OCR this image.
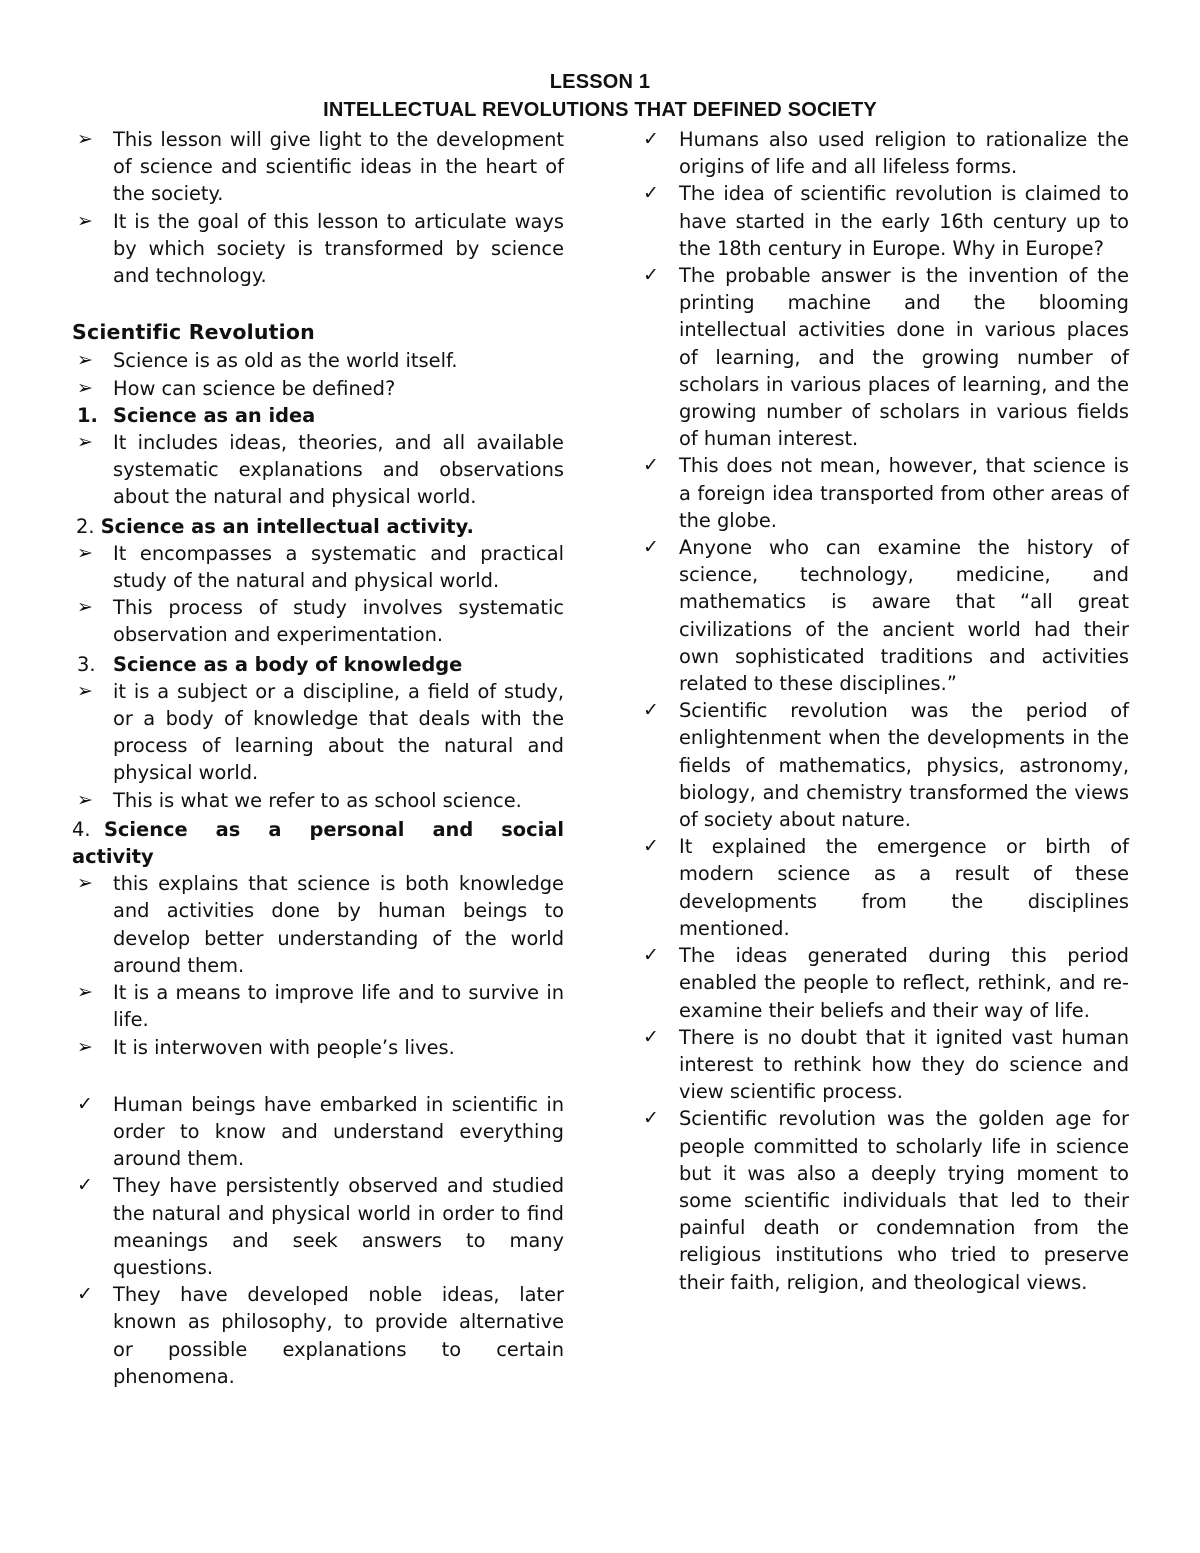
LESSON 1
INTELLECTUAL REVOLUTIONS THAT DEFINED SOCIETY
➢ This lesson will give light to the development of science and scientific ideas in the heart of the society.
➢ It is the goal of this lesson to articulate ways by which society is transformed by science and technology.
Scientific Revolution
➢ Science is as old as the world itself.
➢ How can science be defined?
1. Science as an idea
➢ It includes ideas, theories, and all available systematic explanations and observations about the natural and physical world.
2. Science as an intellectual activity.
➢ It encompasses a systematic and practical study of the natural and physical world.
➢ This process of study involves systematic observation and experimentation.
3. Science as a body of knowledge
➢ it is a subject or a discipline, a field of study, or a body of knowledge that deals with the process of learning about the natural and physical world.
➢ This is what we refer to as school science.
4. Science as a personal and social activity
➢ this explains that science is both knowledge and activities done by human beings to develop better understanding of the world around them.
➢ It is a means to improve life and to survive in life.
➢ It is interwoven with people’s lives.
✓ Human beings have embarked in scientific in order to know and understand everything around them.
✓ They have persistently observed and studied the natural and physical world in order to find meanings and seek answers to many questions.
✓ They have developed noble ideas, later known as philosophy, to provide alternative or possible explanations to certain phenomena.
✓ Humans also used religion to rationalize the origins of life and all lifeless forms.
✓ The idea of scientific revolution is claimed to have started in the early 16th century up to the 18th century in Europe. Why in Europe?
✓ The probable answer is the invention of the printing machine and the blooming intellectual activities done in various places of learning, and the growing number of scholars in various places of learning, and the growing number of scholars in various fields of human interest.
✓ This does not mean, however, that science is a foreign idea transported from other areas of the globe.
✓ Anyone who can examine the history of science, technology, medicine, and mathematics is aware that “all great civilizations of the ancient world had their own sophisticated traditions and activities related to these disciplines.”
✓ Scientific revolution was the period of enlightenment when the developments in the fields of mathematics, physics, astronomy, biology, and chemistry transformed the views of society about nature.
✓ It explained the emergence or birth of modern science as a result of these developments from the disciplines mentioned.
✓ The ideas generated during this period enabled the people to reflect, rethink, and re-examine their beliefs and their way of life.
✓ There is no doubt that it ignited vast human interest to rethink how they do science and view scientific process.
✓ Scientific revolution was the golden age for people committed to scholarly life in science but it was also a deeply trying moment to some scientific individuals that led to their painful death or condemnation from the religious institutions who tried to preserve their faith, religion, and theological views.
